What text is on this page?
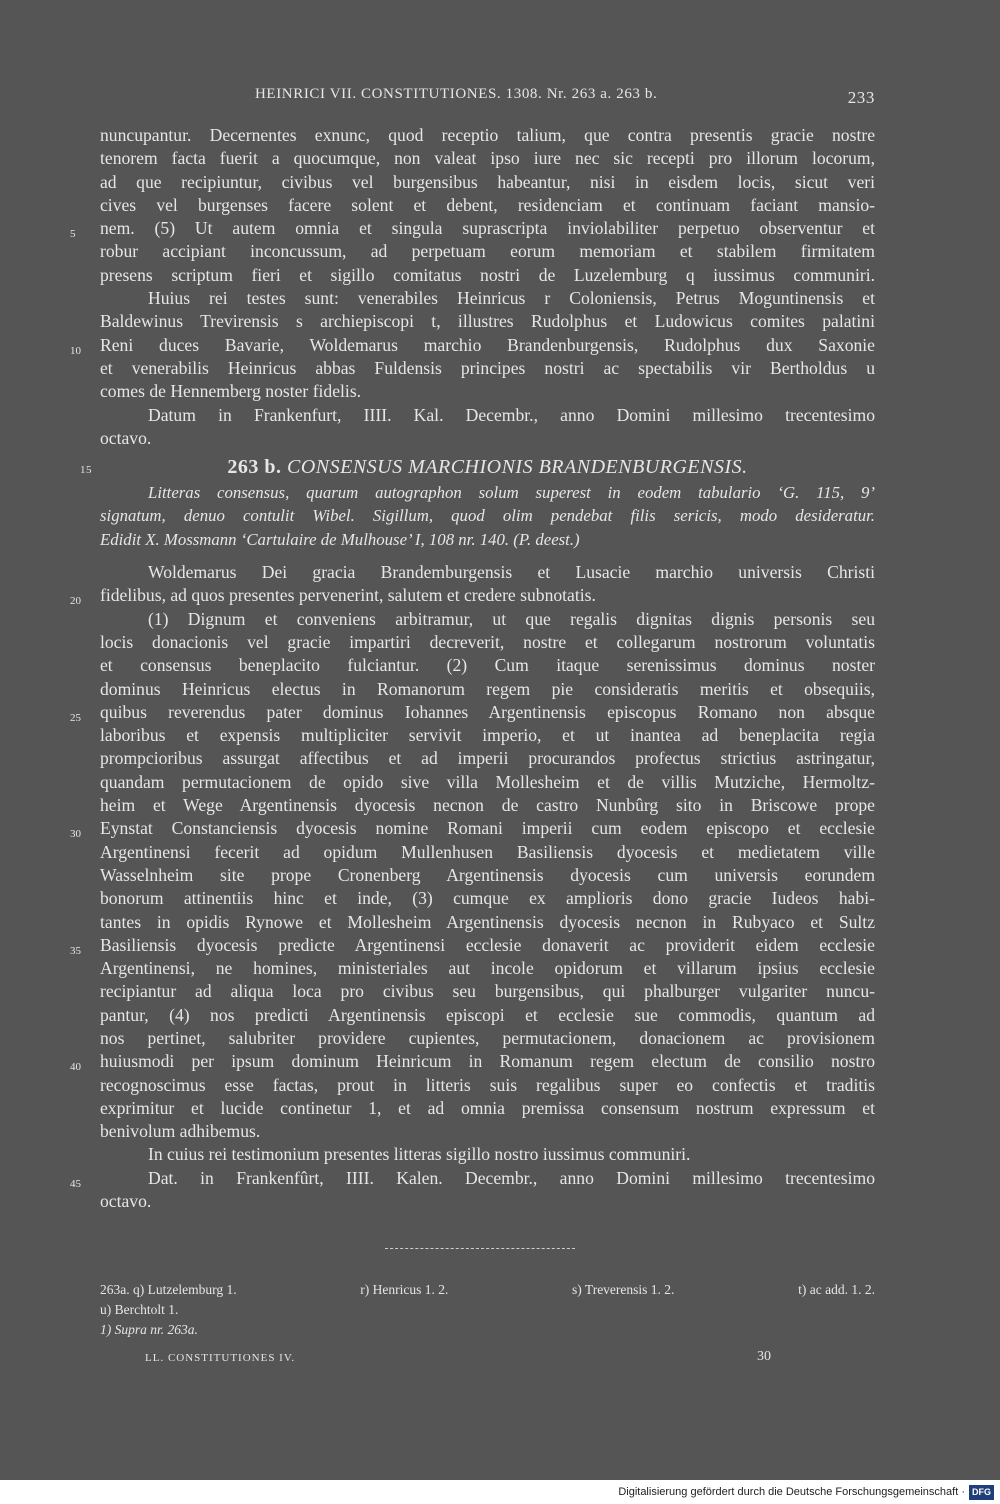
HEINRICI VII. CONSTITUTIONES. 1308. Nr. 263 a. 263 b.	233
nuncupantur. Decernentes exnunc, quod receptio talium, que contra presentis gracie nostre
tenorem facta fuerit a quocumque, non valeat ipso iure nec sic recepti pro illorum locorum,
ad que recipiuntur, civibus vel burgensibus habeantur, nisi in eisdem locis, sicut veri
cives vel burgenses facere solent et debent, residenciam et continuam faciant mansio-
nem. (5) Ut autem omnia et singula suprascripta inviolabiliter perpetuo observentur et
5
robur accipiant inconcussum, ad perpetuam eorum memoriam et stabilem firmitatem
presens scriptum fieri et sigillo comitatus nostri de Luzelemburg q iussimus communiri.
Huius rei testes sunt: venerabiles Heinricus r Coloniensis, Petrus Moguntinensis et
Baldewinus Trevirensis s archiepiscopi t, illustres Rudolphus et Ludowicus comites palatini
Reni duces Bavarie, Woldemarus marchio Brandenburgensis, Rudolphus dux Saxonie
10
et venerabilis Heinricus abbas Fuldensis principes nostri ac spectabilis vir Bertholdus u
comes de Hennemberg noster fidelis.
Datum in Frankenfurt, IIII. Kal. Decembr., anno Domini millesimo trecentesimo
octavo.
15	263 b. CONSENSUS MARCHIONIS BRANDENBURGENSIS.
Litteras consensus, quarum autographon solum superest in eodem tabulario ‘G. 115, 9’
signatum, denuo contulit Wibel. Sigillum, quod olim pendebat filis sericis, modo desideratur.
Edidit X. Mossmann ‘Cartulaire de Mulhouse’ I, 108 nr. 140. (P. deest.)
Woldemarus Dei gracia Brandemburgensis et Lusacie marchio universis Christi
fidelibus, ad quos presentes pervenerint, salutem et credere subnotatis.
20
(1) Dignum et conveniens arbitramur, ut que regalis dignitas dignis personis seu
locis donacionis vel gracie impartiri decreverit, nostre et collegarum nostrorum voluntatis
et consensus beneplacito fulciantur. (2) Cum itaque serenissimus dominus noster
dominus Heinricus electus in Romanorum regem pie consideratis meritis et obsequiis,
quibus reverendus pater dominus Iohannes Argentinensis episcopus Romano non absque
25
laboribus et expensis multipliciter servivit imperio, et ut inantea ad beneplacita regia
prompcioribus assurgat affectibus et ad imperii procurandos profectus strictius astringatur,
quandam permutacionem de opido sive villa Mollesheim et de villis Mutziche, Hermoltz-
heim et Wege Argentinensis dyocesis necnon de castro Nunbûrg sito in Briscowe prope
Eynstat Constanciensis dyocesis nomine Romani imperii cum eodem episcopo et ecclesie
30
Argentinensi fecerit ad opidum Mullenhusen Basiliensis dyocesis et medietatem ville
Wasselnheim site prope Cronenberg Argentinensis dyocesis cum universis eorundem
bonorum attinentiis hinc et inde, (3) cumque ex amplioris dono gracie Iudeos habi-
tantes in opidis Rynowe et Mollesheim Argentinensis dyocesis necnon in Rubyaco et Sultz
Basiliensis dyocesis predicte Argentinensi ecclesie donaverit ac providerit eidem ecclesie
35
Argentinensi, ne homines, ministeriales aut incole opidorum et villarum ipsius ecclesie
recipiantur ad aliqua loca pro civibus seu burgensibus, qui phalburger vulgariter nuncu-
pantur, (4) nos predicti Argentinensis episcopi et ecclesie sue commodis, quantum ad
nos pertinet, salubriter providere cupientes, permutacionem, donacionem ac provisionem
huiusmodi per ipsum dominum Heinricum in Romanum regem electum de consilio nostro
40
recognoscimus esse factas, prout in litteris suis regalibus super eo confectis et traditis
exprimitur et lucide continetur 1, et ad omnia premissa consensum nostrum expressum et
benivolum adhibemus.
In cuius rei testimonium presentes litteras sigillo nostro iussimus communiri.
Dat. in Frankenfûrt, IIII. Kalen. Decembr., anno Domini millesimo trecentesimo
45
octavo.
263a. q) Lutzelemburg 1.	r) Henricus 1. 2.	s) Treverensis 1. 2.	t) ac add. 1. 2.
u) Berchtolt 1.
1) Supra nr. 263a.
LL. CONSTITUTIONES IV.	30
Digitalisierung gefördert durch die Deutsche Forschungsgemeinschaft · DFG
